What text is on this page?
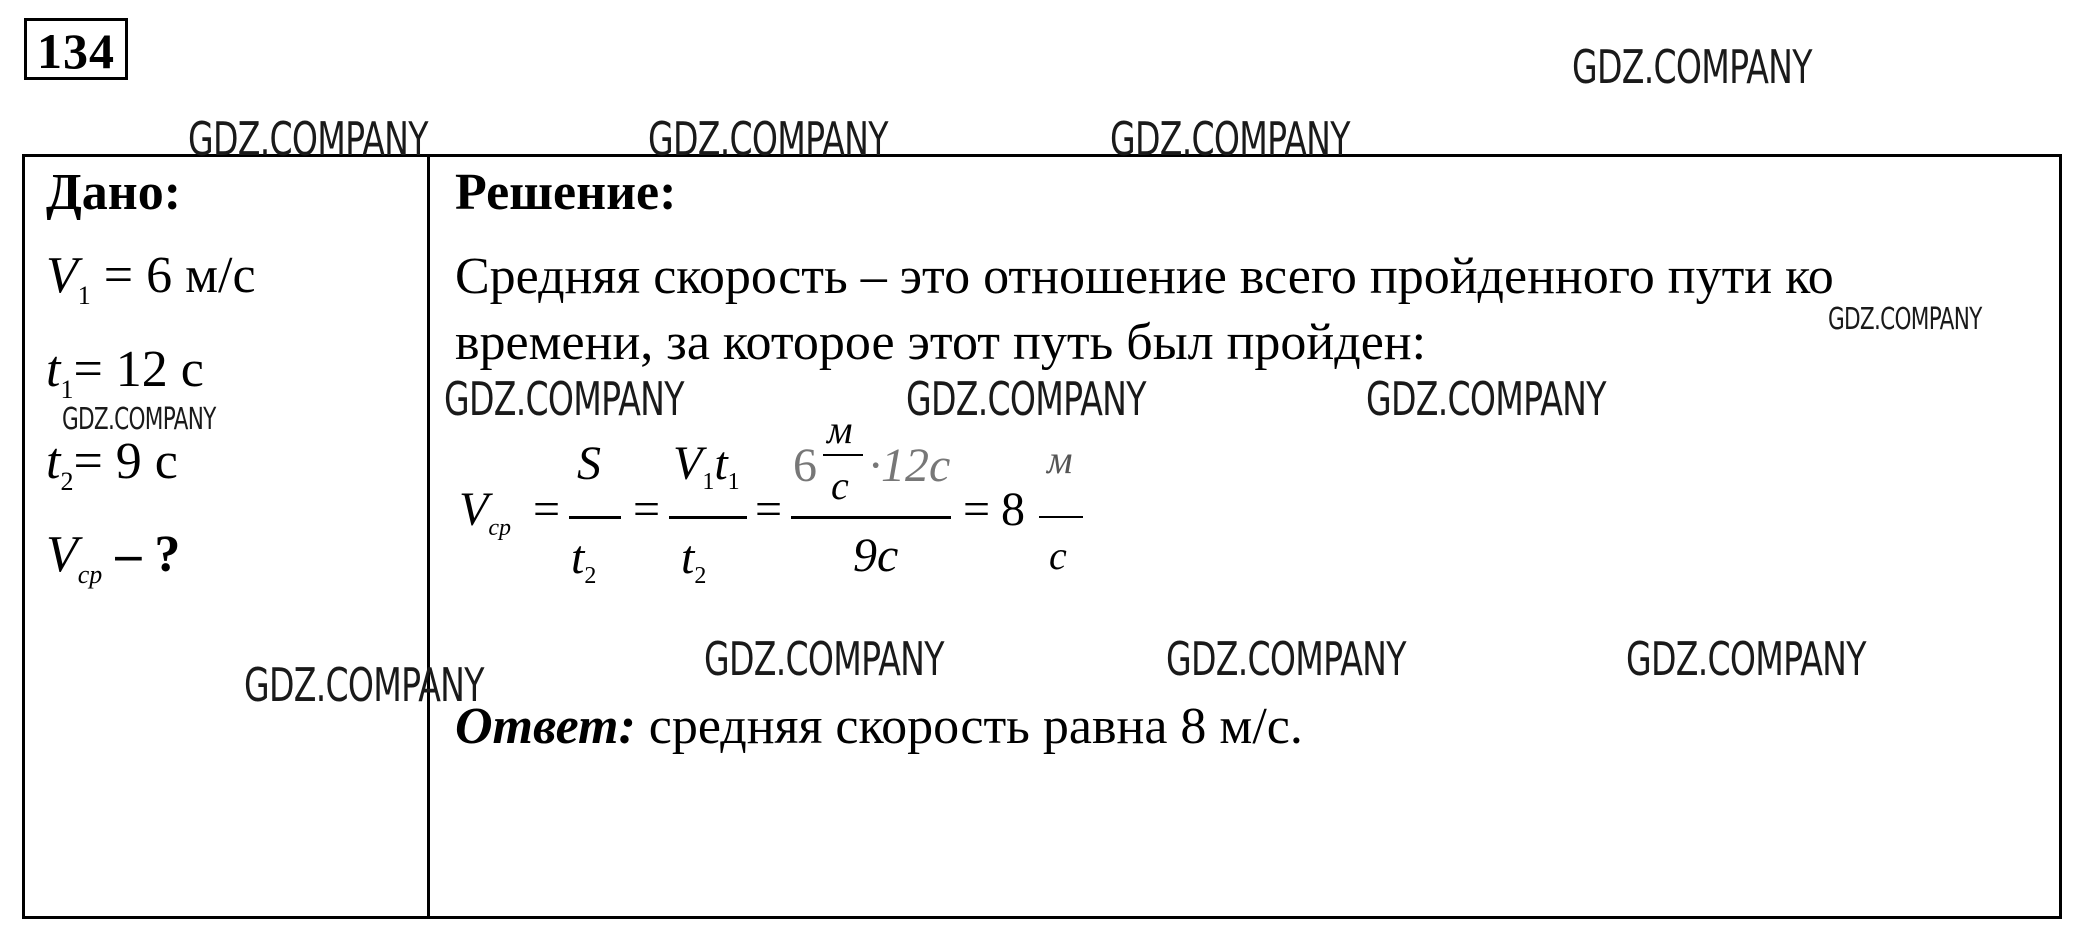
134
Дано:
$V_1 = 6$ м/с
$t_1= 12$ с
$t_2= 9$ с
$V_{ср}$ – ?
Решение:
Средняя скорость – это отношение всего пройденного пути ко времени, за которое этот путь был пройден:
$V_{ср}$ =
S
$t_2$
=
$V_1t_1$
$t_2$
=
6
м
с ·12с
9с
= 8
м
с
Ответ: средняя скорость равна 8 м/с.
GDZ.COMPANY
GDZ.COMPANY	GDZ.COMPANY	GDZ.COMPANY
GDZ.COMPANY
GDZ.COMPANY	GDZ.COMPANY	GDZ.COMPANY
GDZ.COMPANY
GDZ.COMPANY	GDZ.COMPANY	GDZ.COMPANY	GDZ.COMPANY
